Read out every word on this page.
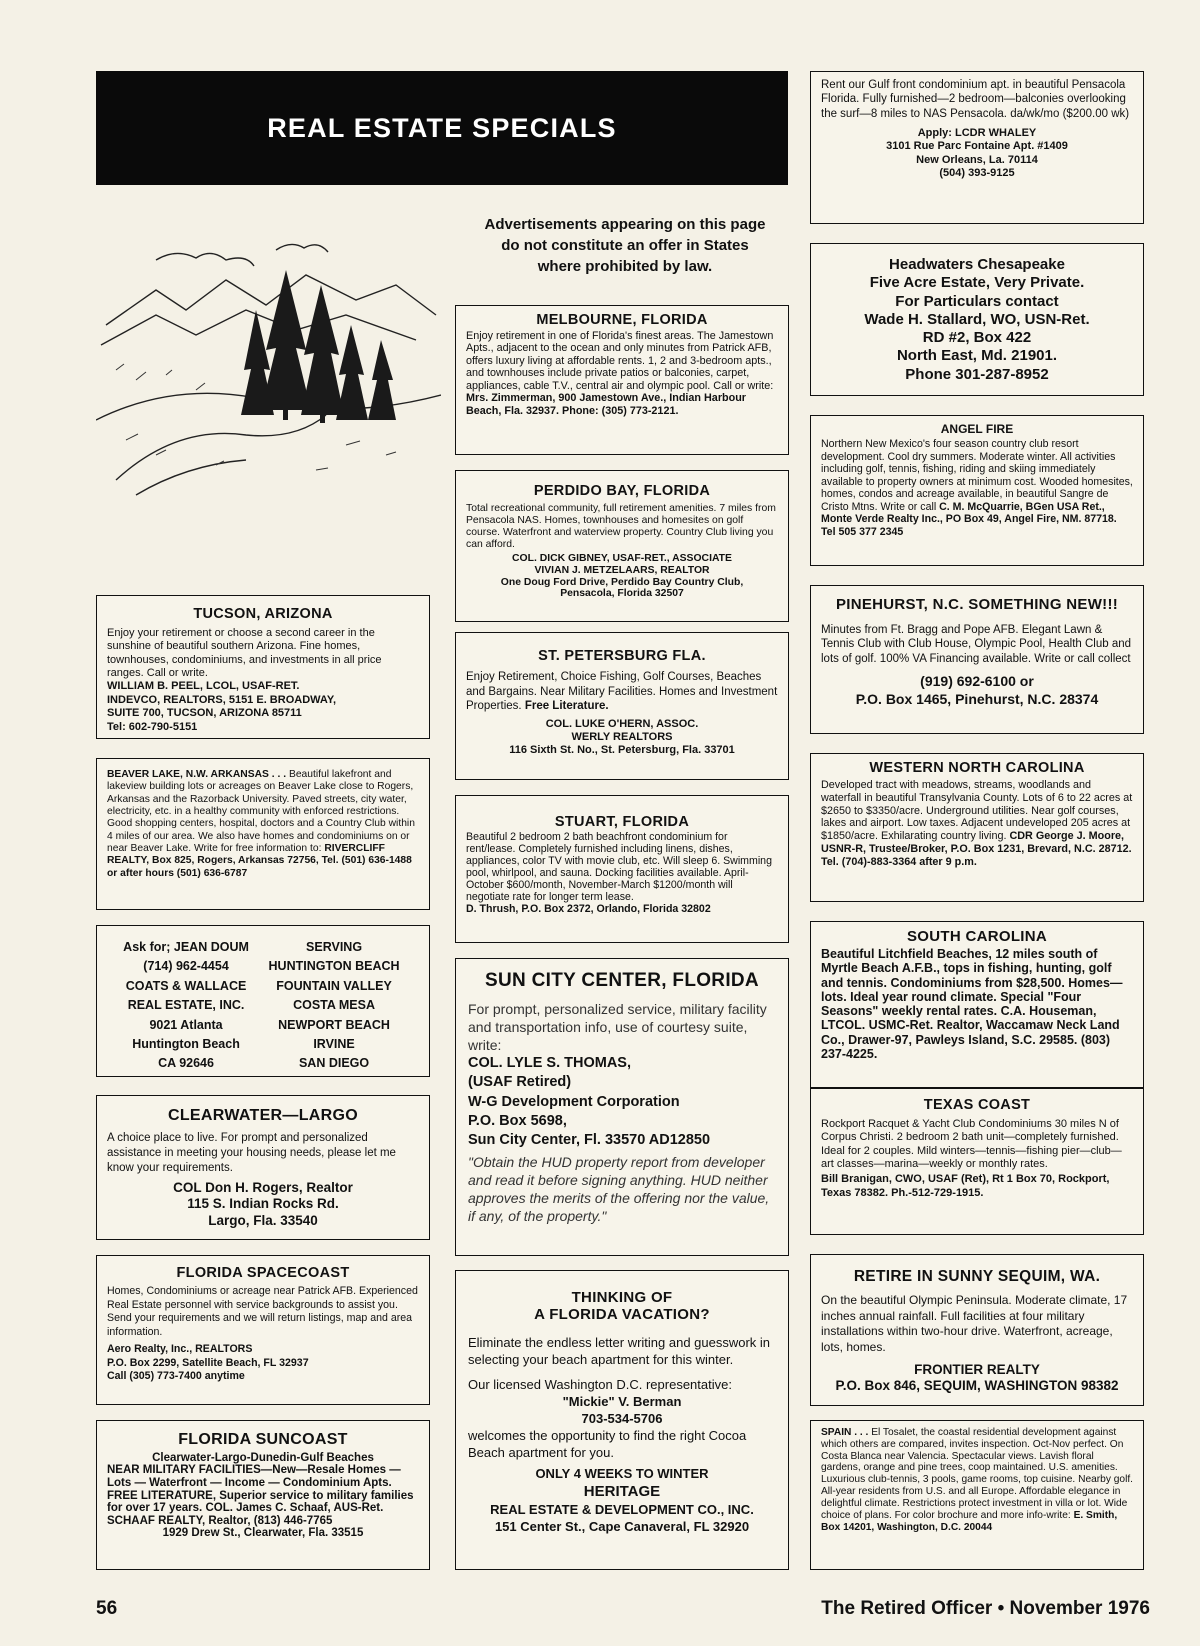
REAL ESTATE SPECIALS
Advertisements appearing on this page
do not constitute an offer in States
where prohibited by law.

Rent our Gulf front condominium apt. in beautiful Pensacola Florida. Fully furnished—2 bedroom—balconies overlooking the surf—8 miles to NAS Pensacola. da/wk/mo ($200.00 wk)

Apply: LCDR WHALEY
3101 Rue Parc Fontaine Apt. #1409
New Orleans, La. 70114
(504) 393-9125
Headwaters Chesapeake
Five Acre Estate, Very Private.
For Particulars contact
Wade H. Stallard, WO, USN-Ret.
RD #2, Box 422
North East, Md. 21901.
Phone 301-287-8952
ANGEL FIRE

Northern New Mexico's four season country club resort development. Cool dry summers. Moderate winter. All activities including golf, tennis, fishing, riding and skiing immediately available to property owners at minimum cost. Wooded homesites, homes, condos and acreage available, in beautiful Sangre de Cristo Mtns. Write or call C. M. McQuarrie, BGen USA Ret., Monte Verde Realty Inc., PO Box 49, Angel Fire, NM. 87718. Tel 505 377 2345

PINEHURST, N.C. SOMETHING NEW!!!

Minutes from Ft. Bragg and Pope AFB. Elegant Lawn & Tennis Club with Club House, Olympic Pool, Health Club and lots of golf. 100% VA Financing available. Write or call collect

(919) 692-6100 or
P.O. Box 1465, Pinehurst, N.C. 28374
WESTERN NORTH CAROLINA

Developed tract with meadows, streams, woodlands and waterfall in beautiful Transylvania County. Lots of 6 to 22 acres at $2650 to $3350/acre. Underground utilities. Near golf courses, lakes and airport. Low taxes. Adjacent undeveloped 205 acres at $1850/acre. Exhilarating country living. CDR George J. Moore, USNR-R, Trustee/Broker, P.O. Box 1231, Brevard, N.C. 28712. Tel. (704)-883-3364 after 9 p.m.

SOUTH CAROLINA

Beautiful Litchfield Beaches, 12 miles south of Myrtle Beach A.F.B., tops in fishing, hunting, golf and tennis. Condominiums from $28,500. Homes—lots. Ideal year round climate. Special "Four Seasons" weekly rental rates. C.A. Houseman, LTCOL. USMC-Ret. Realtor, Waccamaw Neck Land Co., Drawer-97, Pawleys Island, S.C. 29585. (803) 237-4225.

TEXAS COAST

Rockport Racquet & Yacht Club Condominiums 30 miles N of Corpus Christi. 2 bedroom 2 bath unit—completely furnished. Ideal for 2 couples. Mild winters—tennis—fishing pier—club—art classes—marina—weekly or monthly rates.

Bill Branigan, CWO, USAF (Ret), Rt 1 Box 70, Rockport, Texas 78382. Ph.-512-729-1915.

RETIRE IN SUNNY SEQUIM, WA.

On the beautiful Olympic Peninsula. Moderate climate, 17 inches annual rainfall. Full facilities at four military installations within two-hour drive. Waterfront, acreage, lots, homes.

FRONTIER REALTY
P.O. Box 846, SEQUIM, WASHINGTON 98382

SPAIN . . . El Tosalet, the coastal residential development against which others are compared, invites inspection. Oct-Nov perfect. On Costa Blanca near Valencia. Spectacular views. Lavish floral gardens, orange and pine trees, coop maintained. U.S. amenities. Luxurious club-tennis, 3 pools, game rooms, top cuisine. Nearby golf. All-year residents from U.S. and all Europe. Affordable elegance in delightful climate. Restrictions protect investment in villa or lot. Wide choice of plans. For color brochure and more info-write: E. Smith, Box 14201, Washington, D.C. 20044

MELBOURNE, FLORIDA

Enjoy retirement in one of Florida's finest areas. The Jamestown Apts., adjacent to the ocean and only minutes from Patrick AFB, offers luxury living at affordable rents. 1, 2 and 3-bedroom apts., and townhouses include private patios or balconies, carpet, appliances, cable T.V., central air and olympic pool. Call or write: Mrs. Zimmerman, 900 Jamestown Ave., Indian Harbour Beach, Fla. 32937. Phone: (305) 773-2121.

PERDIDO BAY, FLORIDA

Total recreational community, full retirement amenities. 7 miles from Pensacola NAS. Homes, townhouses and homesites on golf course. Waterfront and waterview property. Country Club living you can afford.

COL. DICK GIBNEY, USAF-RET., ASSOCIATE
VIVIAN J. METZELAARS, REALTOR
One Doug Ford Drive, Perdido Bay Country Club,
Pensacola, Florida 32507
ST. PETERSBURG FLA.

Enjoy Retirement, Choice Fishing, Golf Courses, Beaches and Bargains. Near Military Facilities. Homes and Investment Properties. Free Literature.

COL. LUKE O'HERN, ASSOC.
WERLY REALTORS
116 Sixth St. No., St. Petersburg, Fla. 33701
STUART, FLORIDA

Beautiful 2 bedroom 2 bath beachfront condominium for rent/lease. Completely furnished including linens, dishes, appliances, color TV with movie club, etc. Will sleep 6. Swimming pool, whirlpool, and sauna. Docking facilities available. April-October $600/month, November-March $1200/month will negotiate rate for longer term lease.

D. Thrush, P.O. Box 2372, Orlando, Florida 32802

SUN CITY CENTER, FLORIDA

For prompt, personalized service, military facility and transportation info, use of courtesy suite, write:

COL. LYLE S. THOMAS,
(USAF Retired)
W-G Development Corporation
P.O. Box 5698,
Sun City Center, Fl. 33570 AD12850

"Obtain the HUD property report from developer and read it before signing anything. HUD neither approves the merits of the offering nor the value, if any, of the property."

THINKING OF
A FLORIDA VACATION?

Eliminate the endless letter writing and guesswork in selecting your beach apartment for this winter.

Our licensed Washington D.C. representative:

"Mickie" V. Berman
703-534-5706

welcomes the opportunity to find the right Cocoa Beach apartment for you.

ONLY 4 WEEKS TO WINTER
HERITAGE
REAL ESTATE & DEVELOPMENT CO., INC.
151 Center St., Cape Canaveral, FL 32920
TUCSON, ARIZONA

Enjoy your retirement or choose a second career in the sunshine of beautiful southern Arizona. Fine homes, townhouses, condominiums, and investments in all price ranges. Call or write.

WILLIAM B. PEEL, LCOL, USAF-RET.
INDEVCO, REALTORS, 5151 E. BROADWAY,
SUITE 700, TUCSON, ARIZONA 85711
Tel: 602-790-5151

BEAVER LAKE, N.W. ARKANSAS . . . Beautiful lakefront and lakeview building lots or acreages on Beaver Lake close to Rogers, Arkansas and the Razorback University. Paved streets, city water, electricity, etc. in a healthy community with enforced restrictions. Good shopping centers, hospital, doctors and a Country Club within 4 miles of our area. We also have homes and condominiums on or near Beaver Lake. Write for free information to: RIVERCLIFF REALTY, Box 825, Rogers, Arkansas 72756, Tel. (501) 636-1488 or after hours (501) 636-6787

Ask for; JEAN DOUM
(714) 962-4454
COATS & WALLACE
REAL ESTATE, INC.
9021 Atlanta
Huntington Beach
CA 92646
SERVING
HUNTINGTON BEACH
FOUNTAIN VALLEY
COSTA MESA
NEWPORT BEACH
IRVINE
SAN DIEGO
CLEARWATER—LARGO

A choice place to live. For prompt and personalized assistance in meeting your housing needs, please let me know your requirements.

COL Don H. Rogers, Realtor
115 S. Indian Rocks Rd.
Largo, Fla. 33540
FLORIDA SPACECOAST

Homes, Condominiums or acreage near Patrick AFB. Experienced Real Estate personnel with service backgrounds to assist you. Send your requirements and we will return listings, map and area information.

Aero Realty, Inc., REALTORS
P.O. Box 2299, Satellite Beach, FL 32937
Call (305) 773-7400 anytime
FLORIDA SUNCOAST
Clearwater-Largo-Dunedin-Gulf Beaches

NEAR MILITARY FACILITIES—New—Resale Homes — Lots — Waterfront — Income — Condominium Apts. FREE LITERATURE, Superior service to military families for over 17 years. COL. James C. Schaaf, AUS-Ret. SCHAAF REALTY, Realtor, (813) 446-7765

1929 Drew St., Clearwater, Fla. 33515
56	The Retired Officer • November 1976
